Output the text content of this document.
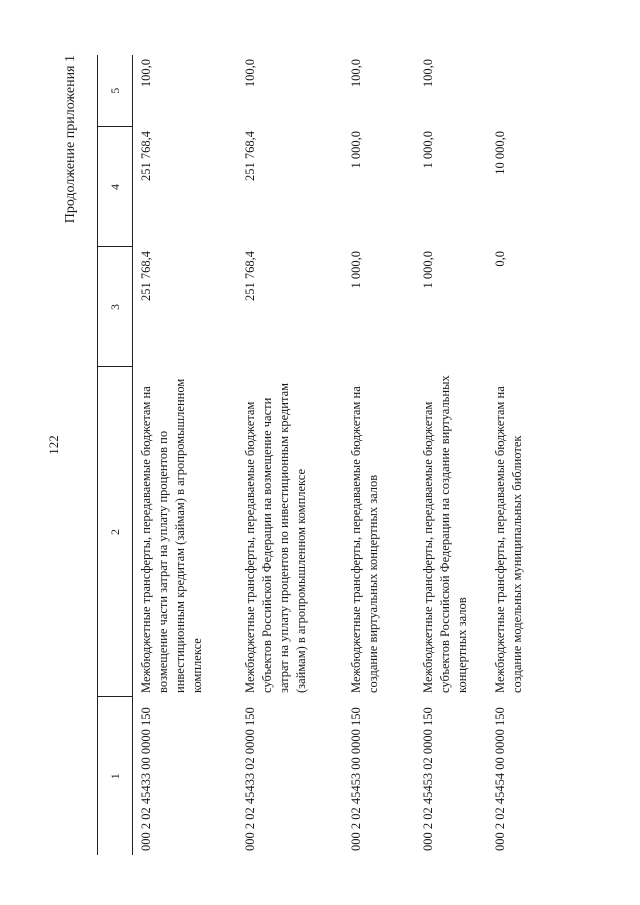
122
Продолжение приложения 1
1	2	3	4	5
000 2 02 45433 00 0000 150	Межбюджетные трансферты, передаваемые бюджетам на возмещение части затрат на уплату процентов по инвестиционным кредитам (займам) в агропромышленном комплексе	251 768,4	251 768,4	100,0
000 2 02 45433 02 0000 150	Межбюджетные трансферты, передаваемые бюджетам субъектов Российской Федерации на возмещение части затрат на уплату процентов по инвестиционным кредитам (займам) в агропромышленном комплексе	251 768,4	251 768,4	100,0
000 2 02 45453 00 0000 150	Межбюджетные трансферты, передаваемые бюджетам на создание виртуальных концертных залов	1 000,0	1 000,0	100,0
000 2 02 45453 02 0000 150	Межбюджетные трансферты, передаваемые бюджетам субъектов Российской Федерации на создание виртуальных концертных залов	1 000,0	1 000,0	100,0
000 2 02 45454 00 0000 150	Межбюджетные трансферты, передаваемые бюджетам на создание модельных муниципальных библиотек	0,0	10 000,0	
